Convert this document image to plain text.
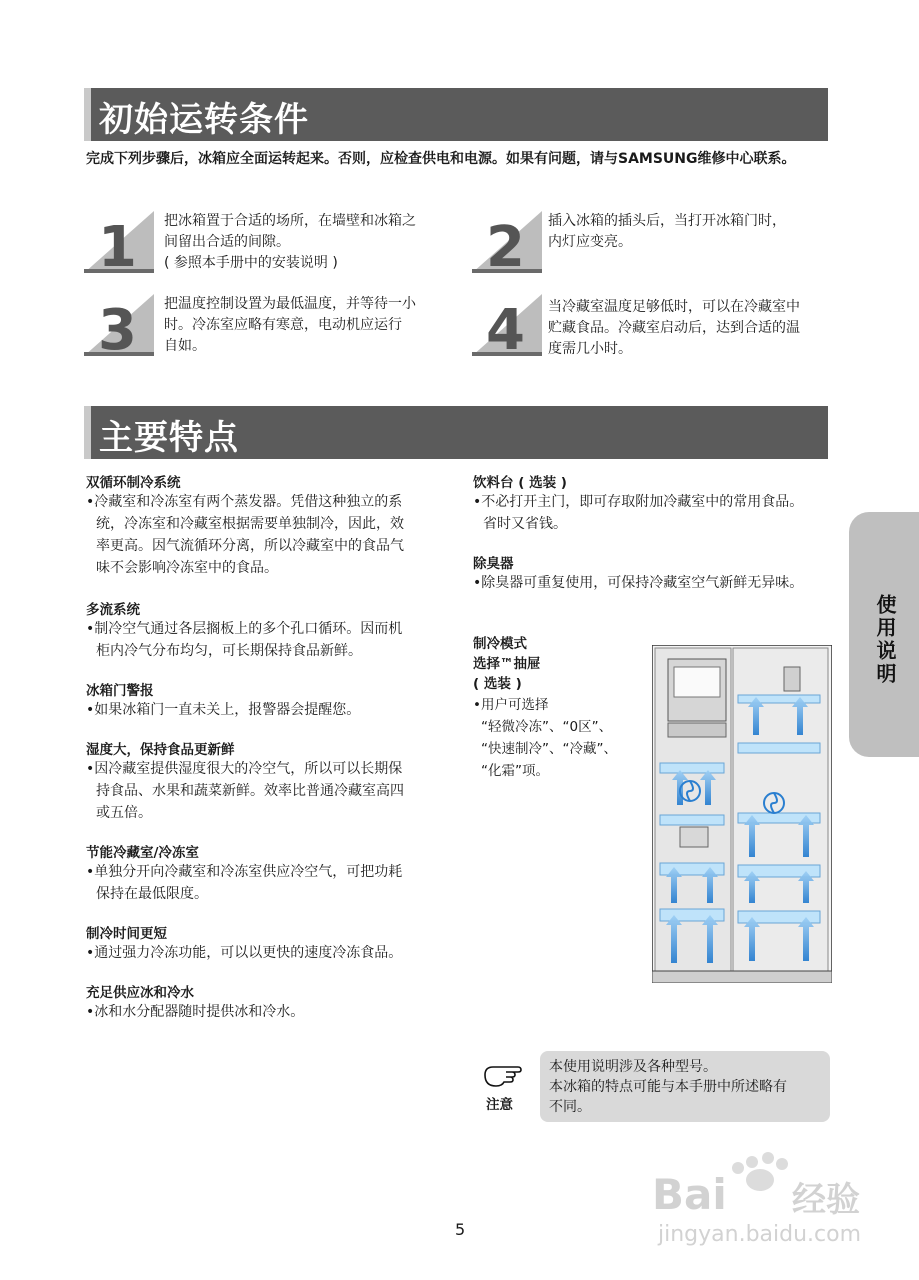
初始运转条件
完成下列步骤后，冰箱应全面运转起来。否则，应检查供电和电源。如果有问题，请与SAMSUNG维修中心联系。
1 把冰箱置于合适的场所，在墙壁和冰箱之
间留出合适的间隙。
( 参照本手册中的安装说明 )	2 插入冰箱的插头后，当打开冰箱门时，
内灯应变亮。
3 把温度控制设置为最低温度，并等待一小
时。冷冻室应略有寒意，电动机应运行
自如。	4 当冷藏室温度足够低时，可以在冷藏室中
贮藏食品。冷藏室启动后，达到合适的温
度需几小时。
主要特点
双循环制冷系统
•冷藏室和冷冻室有两个蒸发器。凭借这种独立的系
统，冷冻室和冷藏室根据需要单独制冷，因此，效
率更高。因气流循环分离，所以冷藏室中的食品气
味不会影响冷冻室中的食品。
多流系统
•制冷空气通过各层搁板上的多个孔口循环。因而机
柜内冷气分布均匀，可长期保持食品新鲜。
冰箱门警报
•如果冰箱门一直未关上，报警器会提醒您。
湿度大，保持食品更新鲜
•因冷藏室提供湿度很大的冷空气，所以可以长期保
持食品、水果和蔬菜新鲜。效率比普通冷藏室高四
或五倍。
节能冷藏室/冷冻室
•单独分开向冷藏室和冷冻室供应冷空气，可把功耗
保持在最低限度。
制冷时间更短
•通过强力冷冻功能，可以以更快的速度冷冻食品。
充足供应冰和冷水
•冰和水分配器随时提供冰和冷水。
饮料台 ( 选装 )
•不必打开主门，即可存取附加冷藏室中的常用食品。
省时又省钱。
除臭器
•除臭器可重复使用，可保持冷藏室空气新鲜无异味。
制冷模式
选择™抽屉
( 选装 )
•用户可选择
“轻微冷冻”、“0区”、
“快速制冷”、“冷藏”、
“化霜”项。
使用说明
注意
本使用说明涉及各种型号。
本冰箱的特点可能与本手册中所述略有
不同。
5
Bai 经验
jingyan.baidu.com
